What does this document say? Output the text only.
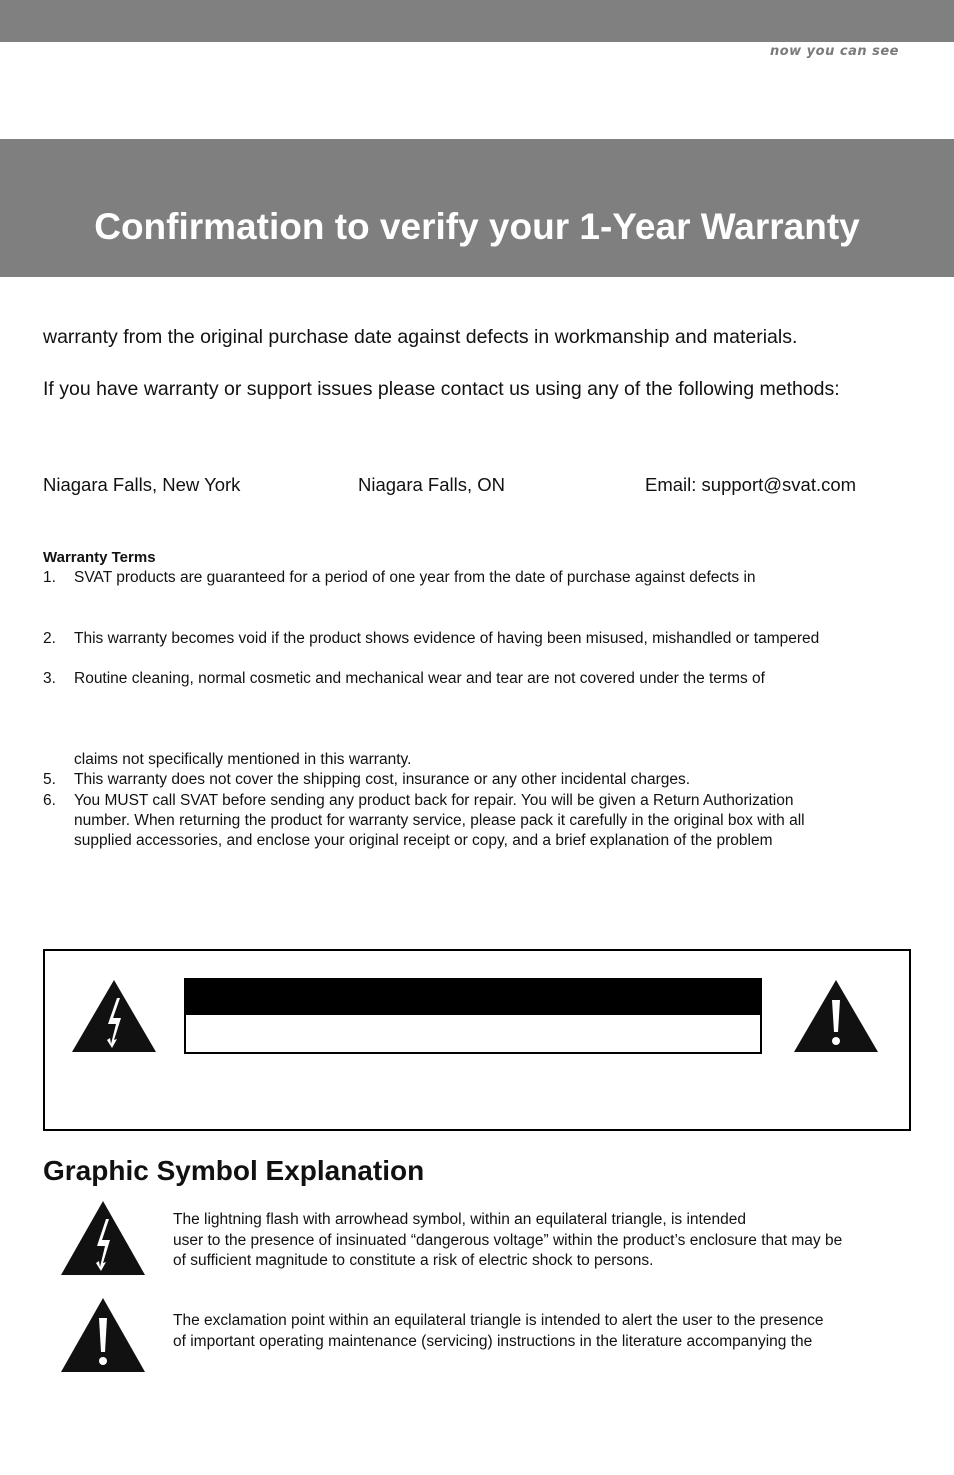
now you can see
Confirmation to verify your 1-Year Warranty
warranty from the original purchase date against defects in workmanship and materials.
If you have warranty or support issues please contact us using any of the following methods:
Niagara Falls, New York	Niagara Falls, ON	Email: support@svat.com
Warranty Terms
1. SVAT products are guaranteed for a period of one year from the date of purchase against defects in
2. This warranty becomes void if the product shows evidence of having been misused, mishandled or tampered
3. Routine cleaning, normal cosmetic and mechanical wear and tear are not covered under the terms of
claims not specifically mentioned in this warranty.
5. This warranty does not cover the shipping cost, insurance or any other incidental charges.
6. You MUST call SVAT before sending any product back for repair. You will be given a Return Authorization
number. When returning the product for warranty service, please pack it carefully in the original box with all
supplied accessories, and enclose your original receipt or copy, and a brief explanation of the problem
Graphic Symbol Explanation
The lightning flash with arrowhead symbol, within an equilateral triangle, is intended
user to the presence of insinuated “dangerous voltage” within the product’s enclosure that may be
of sufficient magnitude to constitute a risk of electric shock to persons.
The exclamation point within an equilateral triangle is intended to alert the user to the presence
of important operating maintenance (servicing) instructions in the literature accompanying the
